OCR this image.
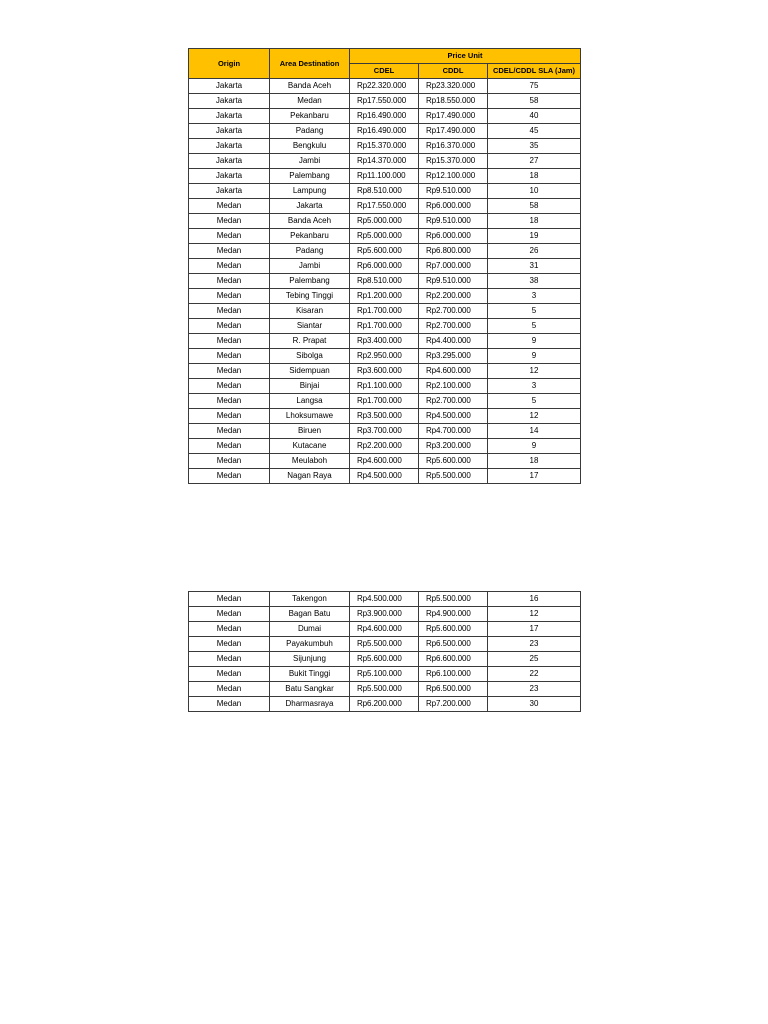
Origin	Area Destination	Price Unit		
		CDEL	CDDL	CDEL/CDDL SLA (Jam)
Jakarta	Banda Aceh	Rp22.320.000	Rp23.320.000	75
Jakarta	Medan	Rp17.550.000	Rp18.550.000	58
Jakarta	Pekanbaru	Rp16.490.000	Rp17.490.000	40
Jakarta	Padang	Rp16.490.000	Rp17.490.000	45
Jakarta	Bengkulu	Rp15.370.000	Rp16.370.000	35
Jakarta	Jambi	Rp14.370.000	Rp15.370.000	27
Jakarta	Palembang	Rp11.100.000	Rp12.100.000	18
Jakarta	Lampung	Rp8.510.000	Rp9.510.000	10
Medan	Jakarta	Rp17.550.000	Rp6.000.000	58
Medan	Banda Aceh	Rp5.000.000	Rp9.510.000	18
Medan	Pekanbaru	Rp5.000.000	Rp6.000.000	19
Medan	Padang	Rp5.600.000	Rp6.800.000	26
Medan	Jambi	Rp6.000.000	Rp7.000.000	31
Medan	Palembang	Rp8.510.000	Rp9.510.000	38
Medan	Tebing Tinggi	Rp1.200.000	Rp2.200.000	3
Medan	Kisaran	Rp1.700.000	Rp2.700.000	5
Medan	Siantar	Rp1.700.000	Rp2.700.000	5
Medan	R. Prapat	Rp3.400.000	Rp4.400.000	9
Medan	Sibolga	Rp2.950.000	Rp3.295.000	9
Medan	Sidempuan	Rp3.600.000	Rp4.600.000	12
Medan	Binjai	Rp1.100.000	Rp2.100.000	3
Medan	Langsa	Rp1.700.000	Rp2.700.000	5
Medan	Lhoksumawe	Rp3.500.000	Rp4.500.000	12
Medan	Biruen	Rp3.700.000	Rp4.700.000	14
Medan	Kutacane	Rp2.200.000	Rp3.200.000	9
Medan	Meulaboh	Rp4.600.000	Rp5.600.000	18
Medan	Nagan Raya	Rp4.500.000	Rp5.500.000	17
Medan	Takengon	Rp4.500.000	Rp5.500.000	16
Medan	Bagan Batu	Rp3.900.000	Rp4.900.000	12
Medan	Dumai	Rp4.600.000	Rp5.600.000	17
Medan	Payakumbuh	Rp5.500.000	Rp6.500.000	23
Medan	Sijunjung	Rp5.600.000	Rp6.600.000	25
Medan	Bukit Tinggi	Rp5.100.000	Rp6.100.000	22
Medan	Batu Sangkar	Rp5.500.000	Rp6.500.000	23
Medan	Dharmasraya	Rp6.200.000	Rp7.200.000	30
